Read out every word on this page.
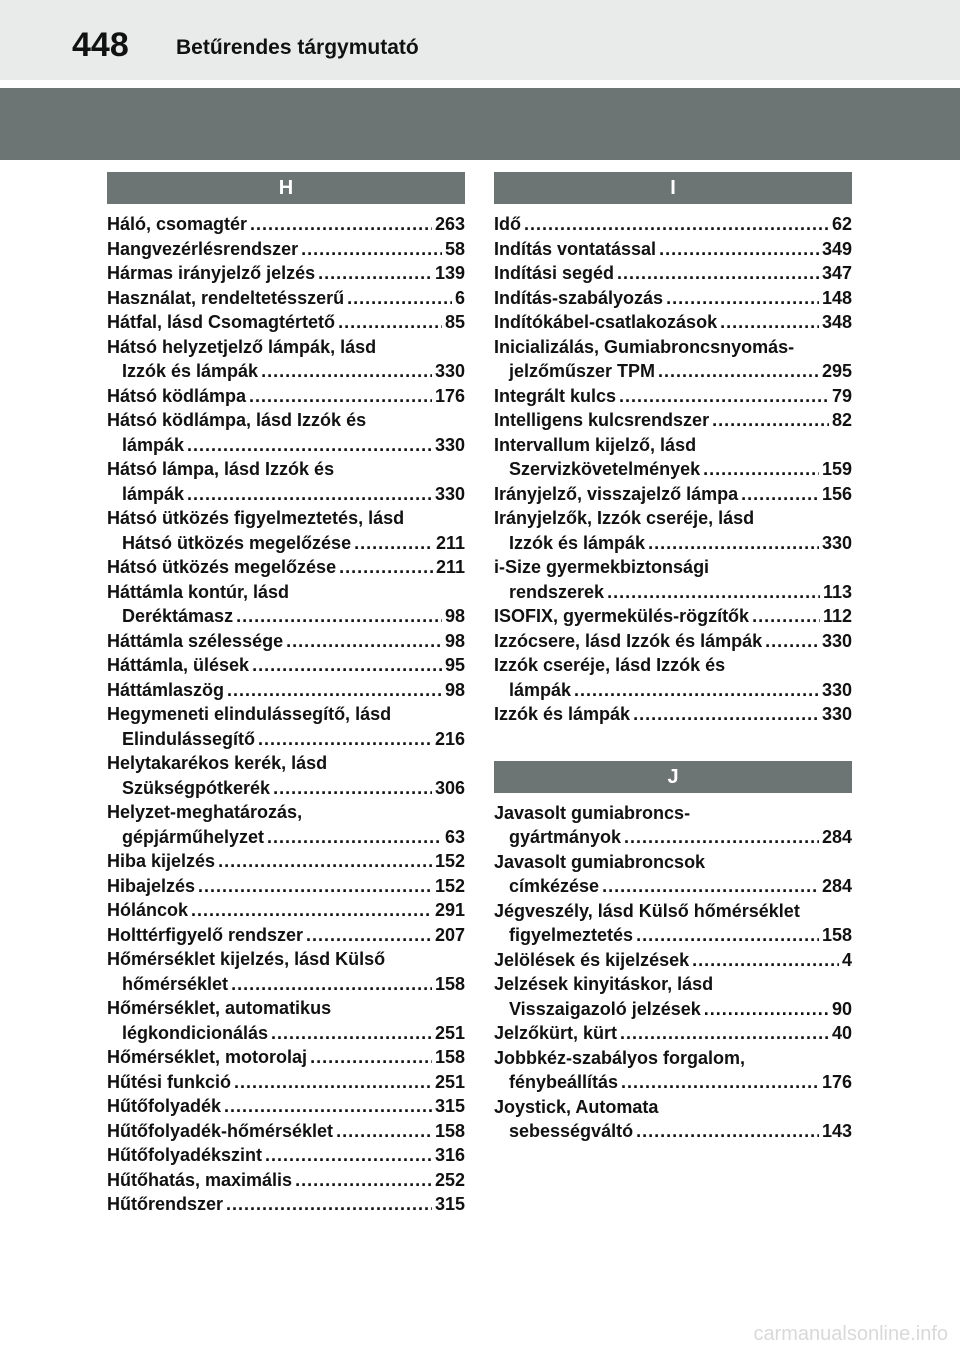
448 Betűrendes tárgymutató
H
Háló, csomagtér .....	263
Hangvezérlésrendszer .....	58
Hármas irányjelző jelzés .....	139
Használat, rendeltetésszerű .....	6
Hátfal, lásd Csomagtértető .....	85
Hátsó helyzetjelző lámpák, lásd
Izzók és lámpák .....	330
Hátsó ködlámpa .....	176
Hátsó ködlámpa, lásd Izzók és
lámpák .....	330
Hátsó lámpa, lásd Izzók és
lámpák .....	330
Hátsó ütközés figyelmeztetés, lásd
Hátsó ütközés megelőzése .....	211
Hátsó ütközés megelőzése .....	211
Háttámla kontúr, lásd
Deréktámasz .....	98
Háttámla szélessége .....	98
Háttámla, ülések .....	95
Háttámlaszög .....	98
Hegymeneti elindulássegítő, lásd
Elindulássegítő .....	216
Helytakarékos kerék, lásd
Szükségpótkerék .....	306
Helyzet-meghatározás,
gépjárműhelyzet .....	63
Hiba kijelzés .....	152
Hibajelzés .....	152
Hóláncok .....	291
Holttérfigyelő rendszer .....	207
Hőmérséklet kijelzés, lásd Külső
hőmérséklet .....	158
Hőmérséklet, automatikus
légkondicionálás .....	251
Hőmérséklet, motorolaj .....	158
Hűtési funkció .....	251
Hűtőfolyadék .....	315
Hűtőfolyadék-hőmérséklet .....	158
Hűtőfolyadékszint .....	316
Hűtőhatás, maximális .....	252
Hűtőrendszer .....	315
I
Idő .....	62
Indítás vontatással .....	349
Indítási segéd .....	347
Indítás-szabályozás .....	148
Indítókábel-csatlakozások .....	348
Inicializálás, Gumiabroncsnyomás-
jelzőműszer TPM .....	295
Integrált kulcs .....	79
Intelligens kulcsrendszer .....	82
Intervallum kijelző, lásd
Szervizkövetelmények .....	159
Irányjelző, visszajelző lámpa .....	156
Irányjelzők, Izzók cseréje, lásd
Izzók és lámpák .....	330
i-Size gyermekbiztonsági
rendszerek .....	113
ISOFIX, gyermekülés-rögzítők .....	112
Izzócsere, lásd Izzók és lámpák .....	330
Izzók cseréje, lásd Izzók és
lámpák .....	330
Izzók és lámpák .....	330
J
Javasolt gumiabroncs-
gyártmányok .....	284
Javasolt gumiabroncsok
címkézése .....	284
Jégveszély, lásd Külső hőmérséklet
figyelmeztetés .....	158
Jelölések és kijelzések .....	4
Jelzések kinyitáskor, lásd
Visszaigazoló jelzések .....	90
Jelzőkürt, kürt .....	40
Jobbkéz-szabályos forgalom,
fénybeállítás .....	176
Joystick, Automata
sebességváltó .....	143
carmanualsonline.info
